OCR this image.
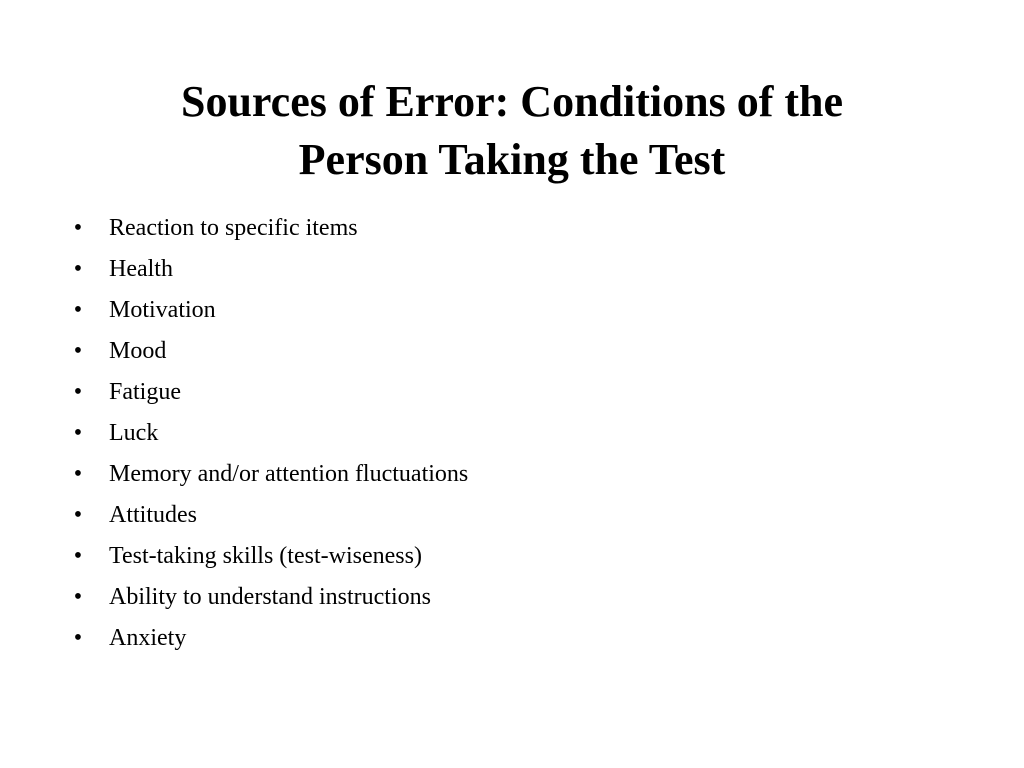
Sources of Error: Conditions of the
Person Taking the Test
• Reaction to specific items
• Health
• Motivation
• Mood
• Fatigue
• Luck
• Memory and/or attention fluctuations
• Attitudes
• Test-taking skills (test-wiseness)
• Ability to understand instructions
• Anxiety
